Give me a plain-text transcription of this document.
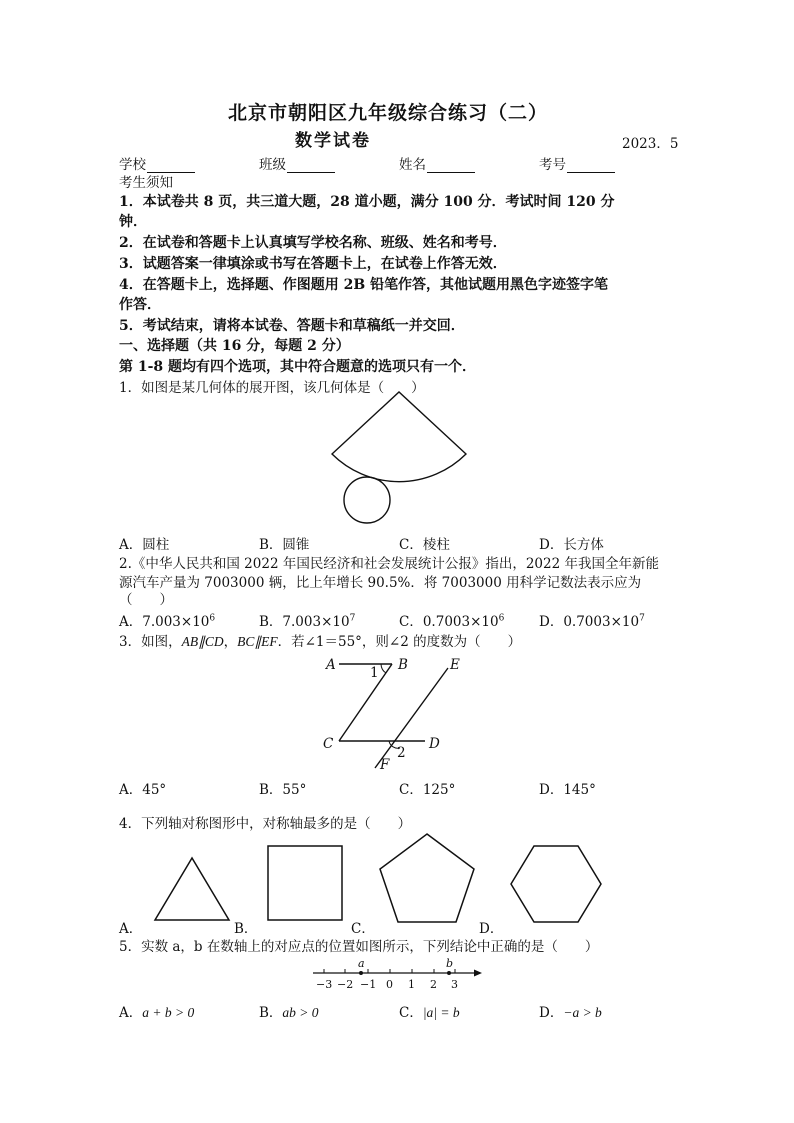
北京市朝阳区九年级综合练习（二）
数学试卷	2023．5
学校	班级	姓名	考号
考生须知
1．本试卷共 8 页，共三道大题，28 道小题，满分 100 分．考试时间 120 分
钟．
2．在试卷和答题卡上认真填写学校名称、班级、姓名和考号．
3．试题答案一律填涂或书写在答题卡上，在试卷上作答无效．
4．在答题卡上，选择题、作图题用 2B 铅笔作答，其他试题用黑色字迹签字笔
作答．
5．考试结束，请将本试卷、答题卡和草稿纸一并交回．
一、选择题（共 16 分，每题 2 分）
第 1-8 题均有四个选项，其中符合题意的选项只有一个．
1．如图是某几何体的展开图，该几何体是（　　）
A．圆柱	B．圆锥	C．棱柱	D．长方体
2.《中华人民共和国 2022 年国民经济和社会发展统计公报》指出，2022 年我国全年新能
源汽车产量为 7003000 辆，比上年增长 90.5%．将 7003000 用科学记数法表示应为
（　　）
A．$7.003\times 10^6$	B．$7.003\times 10^7$	C．$0.7003\times 10^6$	D．$0.7003\times 10^7$
3．如图，AB∥CD，BC∥EF．若∠1＝55°，则∠2 的度数为（　　）
A	B	E
1
C	D
2
F
A．45°	B．55°	C．125°	D．145°
4．下列轴对称图形中，对称轴最多的是（　　）
A．	B．	C．	D．
5．实数 a，b 在数轴上的对应点的位置如图所示，下列结论中正确的是（　　）
a	b
−3 −2 −1 0 1 2 3
A．a + b > 0	B．ab > 0	C．|a| = b	D．−a > b
